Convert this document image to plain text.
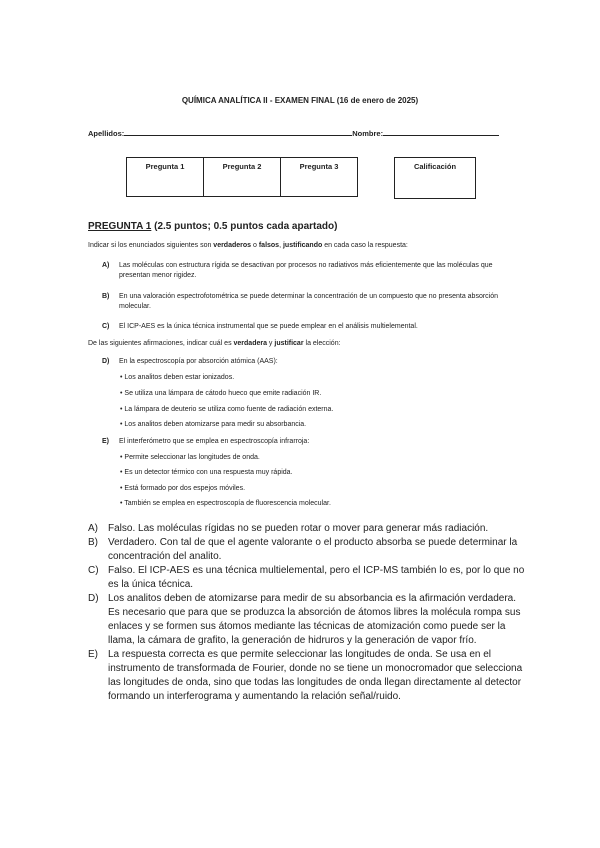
QUÍMICA ANALÍTICA II - EXAMEN FINAL (16 de enero de 2025)
Apellidos:	Nombre:
Pregunta 1	Pregunta 2	Pregunta 3	Calificación
PREGUNTA 1 (2.5 puntos; 0.5 puntos cada apartado)
Indicar si los enunciados siguientes son verdaderos o falsos, justificando en cada caso la respuesta:
A) Las moléculas con estructura rígida se desactivan por procesos no radiativos más eficientemente que las moléculas que presentan menor rigidez.
B) En una valoración espectrofotométrica se puede determinar la concentración de un compuesto que no presenta absorción molecular.
C) El ICP-AES es la única técnica instrumental que se puede emplear en el análisis multielemental.
De las siguientes afirmaciones, indicar cuál es verdadera y justificar la elección:
D) En la espectroscopía por absorción atómica (AAS):
• Los analitos deben estar ionizados.
• Se utiliza una lámpara de cátodo hueco que emite radiación IR.
• La lámpara de deuterio se utiliza como fuente de radiación externa.
• Los analitos deben atomizarse para medir su absorbancia.
E) El interferómetro que se emplea en espectroscopía infrarroja:
• Permite seleccionar las longitudes de onda.
• Es un detector térmico con una respuesta muy rápida.
• Está formado por dos espejos móviles.
• También se emplea en espectroscopía de fluorescencia molecular.
A) Falso. Las moléculas rígidas no se pueden rotar o mover para generar más radiación.
B) Verdadero. Con tal de que el agente valorante o el producto absorba se puede determinar la concentración del analito.
C) Falso. El ICP-AES es una técnica multielemental, pero el ICP-MS también lo es, por lo que no es la única técnica.
D) Los analitos deben de atomizarse para medir de su absorbancia es la afirmación verdadera. Es necesario que para que se produzca la absorción de átomos libres la molécula rompa sus enlaces y se formen sus átomos mediante las técnicas de atomización como puede ser la llama, la cámara de grafito, la generación de hidruros y la generación de vapor frío.
E) La respuesta correcta es que permite seleccionar las longitudes de onda. Se usa en el instrumento de transformada de Fourier, donde no se tiene un monocromador que selecciona las longitudes de onda, sino que todas las longitudes de onda llegan directamente al detector formando un interferograma y aumentando la relación señal/ruido.
